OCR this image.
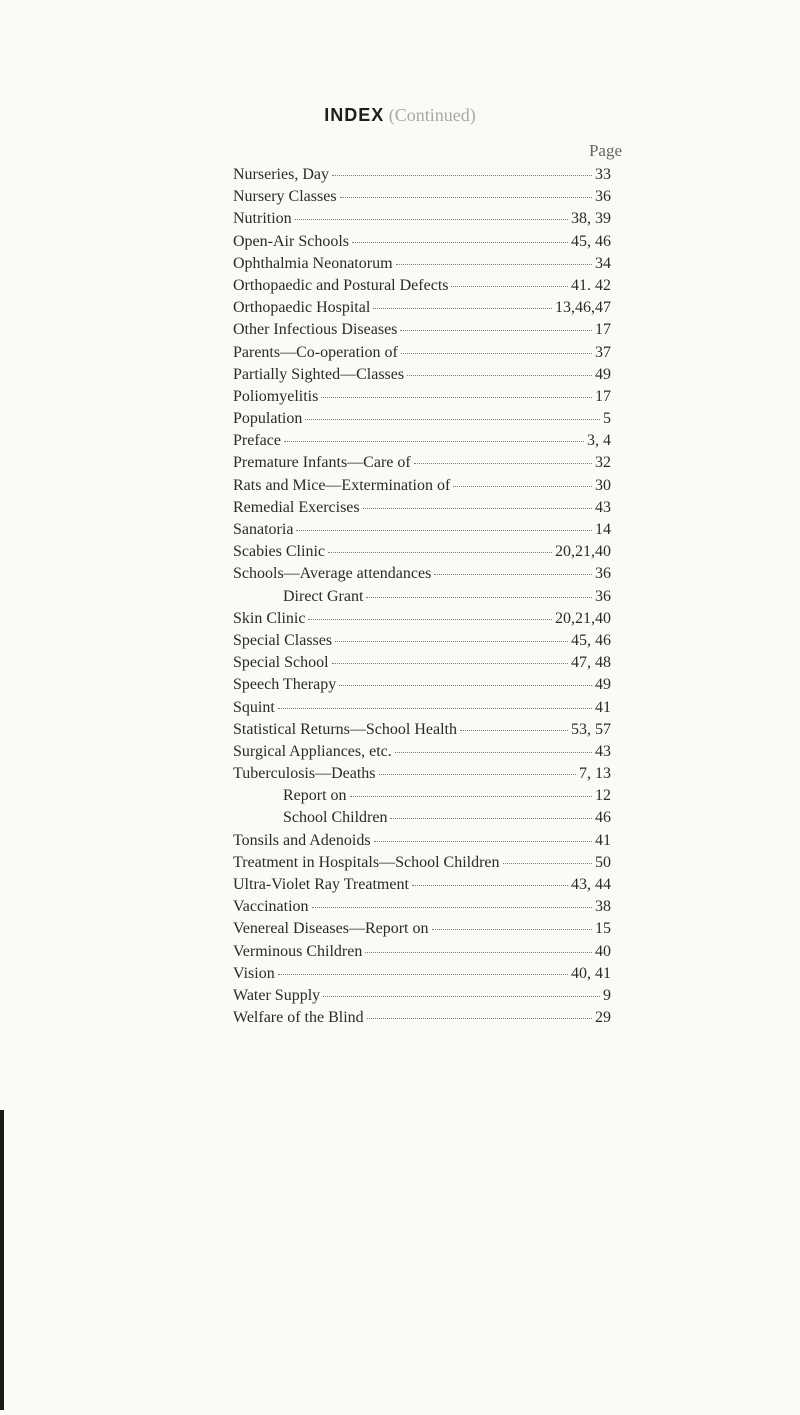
INDEX (Continued)
Page
Nurseries, Day	33
Nursery Classes	36
Nutrition	38, 39
Open-Air Schools	45, 46
Ophthalmia Neonatorum	34
Orthopaedic and Postural Defects	41. 42
Orthopaedic Hospital	13,46,47
Other Infectious Diseases	17
Parents—Co-operation of	37
Partially Sighted—Classes	49
Poliomyelitis	17
Population	5
Preface	3, 4
Premature Infants—Care of	32
Rats and Mice—Extermination of	30
Remedial Exercises	43
Sanatoria	14
Scabies Clinic	20,21,40
Schools—Average attendances	36
Direct Grant	36
Skin Clinic	20,21,40
Special Classes	45, 46
Special School	47, 48
Speech Therapy	49
Squint	41
Statistical Returns—School Health	53, 57
Surgical Appliances, etc.	43
Tuberculosis—Deaths	7, 13
Report on	12
School Children	46
Tonsils and Adenoids	41
Treatment in Hospitals—School Children	50
Ultra-Violet Ray Treatment	43, 44
Vaccination	38
Venereal Diseases—Report on	15
Verminous Children	40
Vision	40, 41
Water Supply	9
Welfare of the Blind	29
